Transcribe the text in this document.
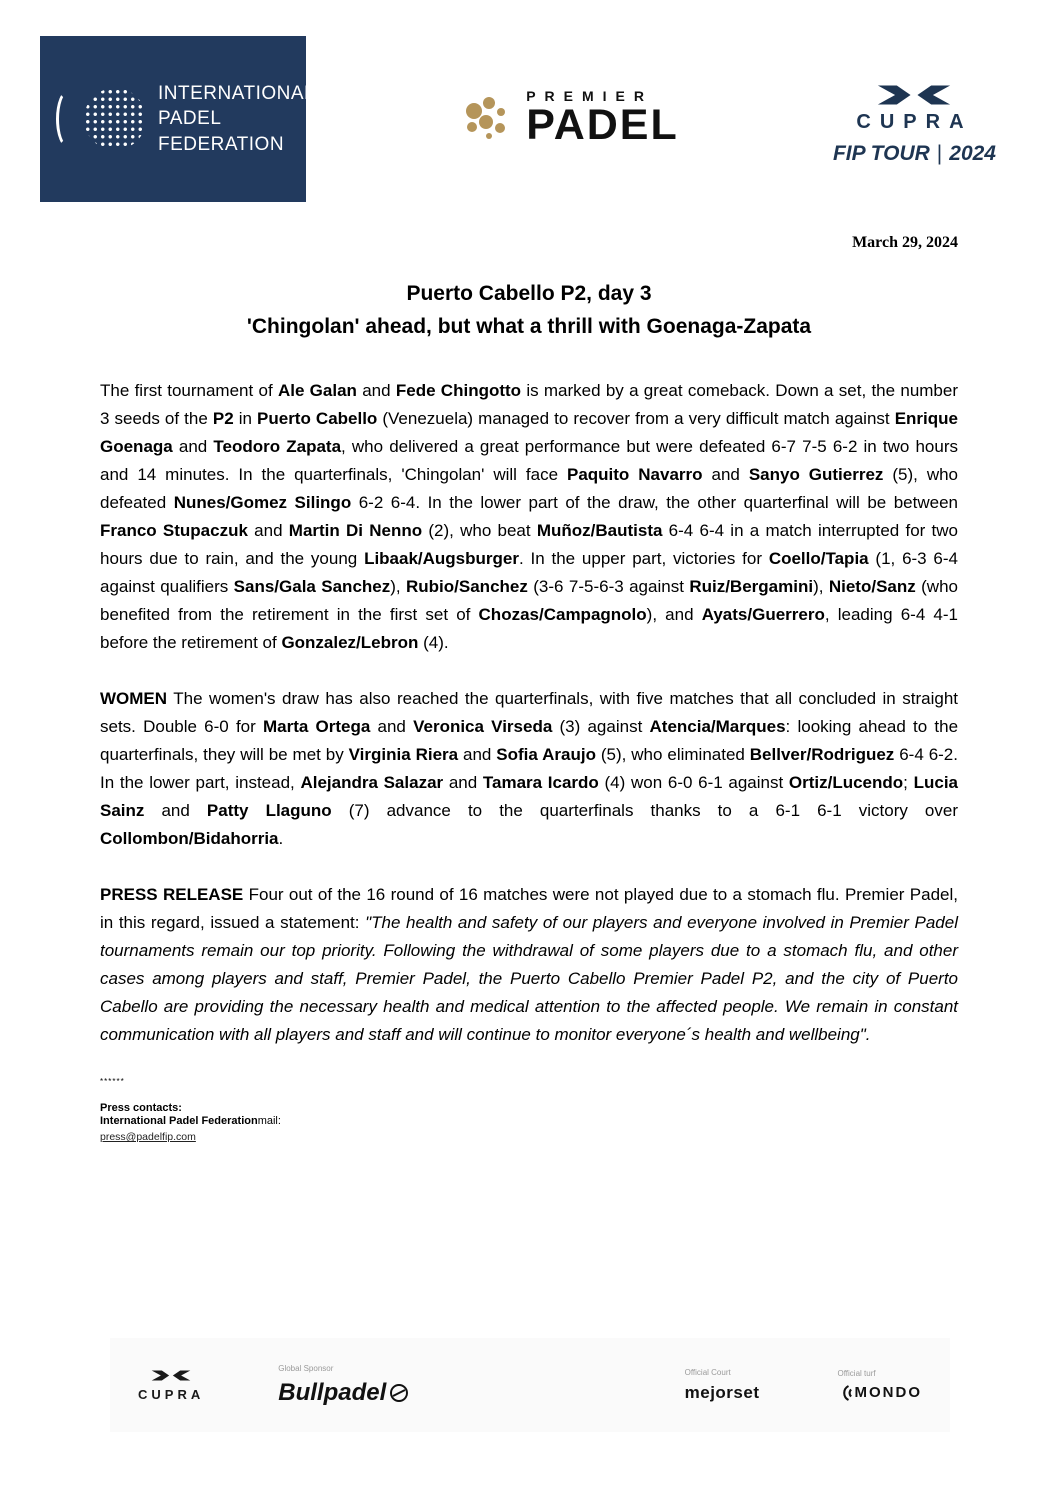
INTERNATIONAL
PADEL
FEDERATION
PREMIER
PADEL	CUPRA
FIP TOUR | 2024
March 29, 2024
Puerto Cabello P2, day 3
'Chingolan' ahead, but what a thrill with Goenaga-Zapata

The first tournament of Ale Galan and Fede Chingotto is marked by a great comeback. Down a set, the number 3 seeds of the P2 in Puerto Cabello (Venezuela) managed to recover from a very difficult match against Enrique Goenaga and Teodoro Zapata, who delivered a great performance but were defeated 6-7 7-5 6-2 in two hours and 14 minutes. In the quarterfinals, 'Chingolan' will face Paquito Navarro and Sanyo Gutierrez (5), who defeated Nunes/Gomez Silingo 6-2 6-4. In the lower part of the draw, the other quarterfinal will be between Franco Stupaczuk and Martin Di Nenno (2), who beat Muñoz/Bautista 6-4 6-4 in a match interrupted for two hours due to rain, and the young Libaak/Augsburger. In the upper part, victories for Coello/Tapia (1, 6-3 6-4 against qualifiers Sans/Gala Sanchez), Rubio/Sanchez (3-6 7-5-6-3 against Ruiz/Bergamini), Nieto/Sanz (who benefited from the retirement in the first set of Chozas/Campagnolo), and Ayats/Guerrero, leading 6-4 4-1 before the retirement of Gonzalez/Lebron (4).

WOMEN The women's draw has also reached the quarterfinals, with five matches that all concluded in straight sets. Double 6-0 for Marta Ortega and Veronica Virseda (3) against Atencia/Marques: looking ahead to the quarterfinals, they will be met by Virginia Riera and Sofia Araujo (5), who eliminated Bellver/Rodriguez 6-4 6-2. In the lower part, instead, Alejandra Salazar and Tamara Icardo (4) won 6-0 6-1 against Ortiz/Lucendo; Lucia Sainz and Patty Llaguno (7) advance to the quarterfinals thanks to a 6-1 6-1 victory over Collombon/Bidahorria.

PRESS RELEASE Four out of the 16 round of 16 matches were not played due to a stomach flu. Premier Padel, in this regard, issued a statement: "The health and safety of our players and everyone involved in Premier Padel tournaments remain our top priority. Following the withdrawal of some players due to a stomach flu, and other cases among players and staff, Premier Padel, the Puerto Cabello Premier Padel P2, and the city of Puerto Cabello are providing the necessary health and medical attention to the affected people. We remain in constant communication with all players and staff and will continue to monitor everyone´s health and wellbeing".

******
Press contacts:
International Padel Federationmail:
press@padelfip.com
CUPRA
Global Sponsor
Bullpadel
Official Court
mejorset
Official turf
MONDO
